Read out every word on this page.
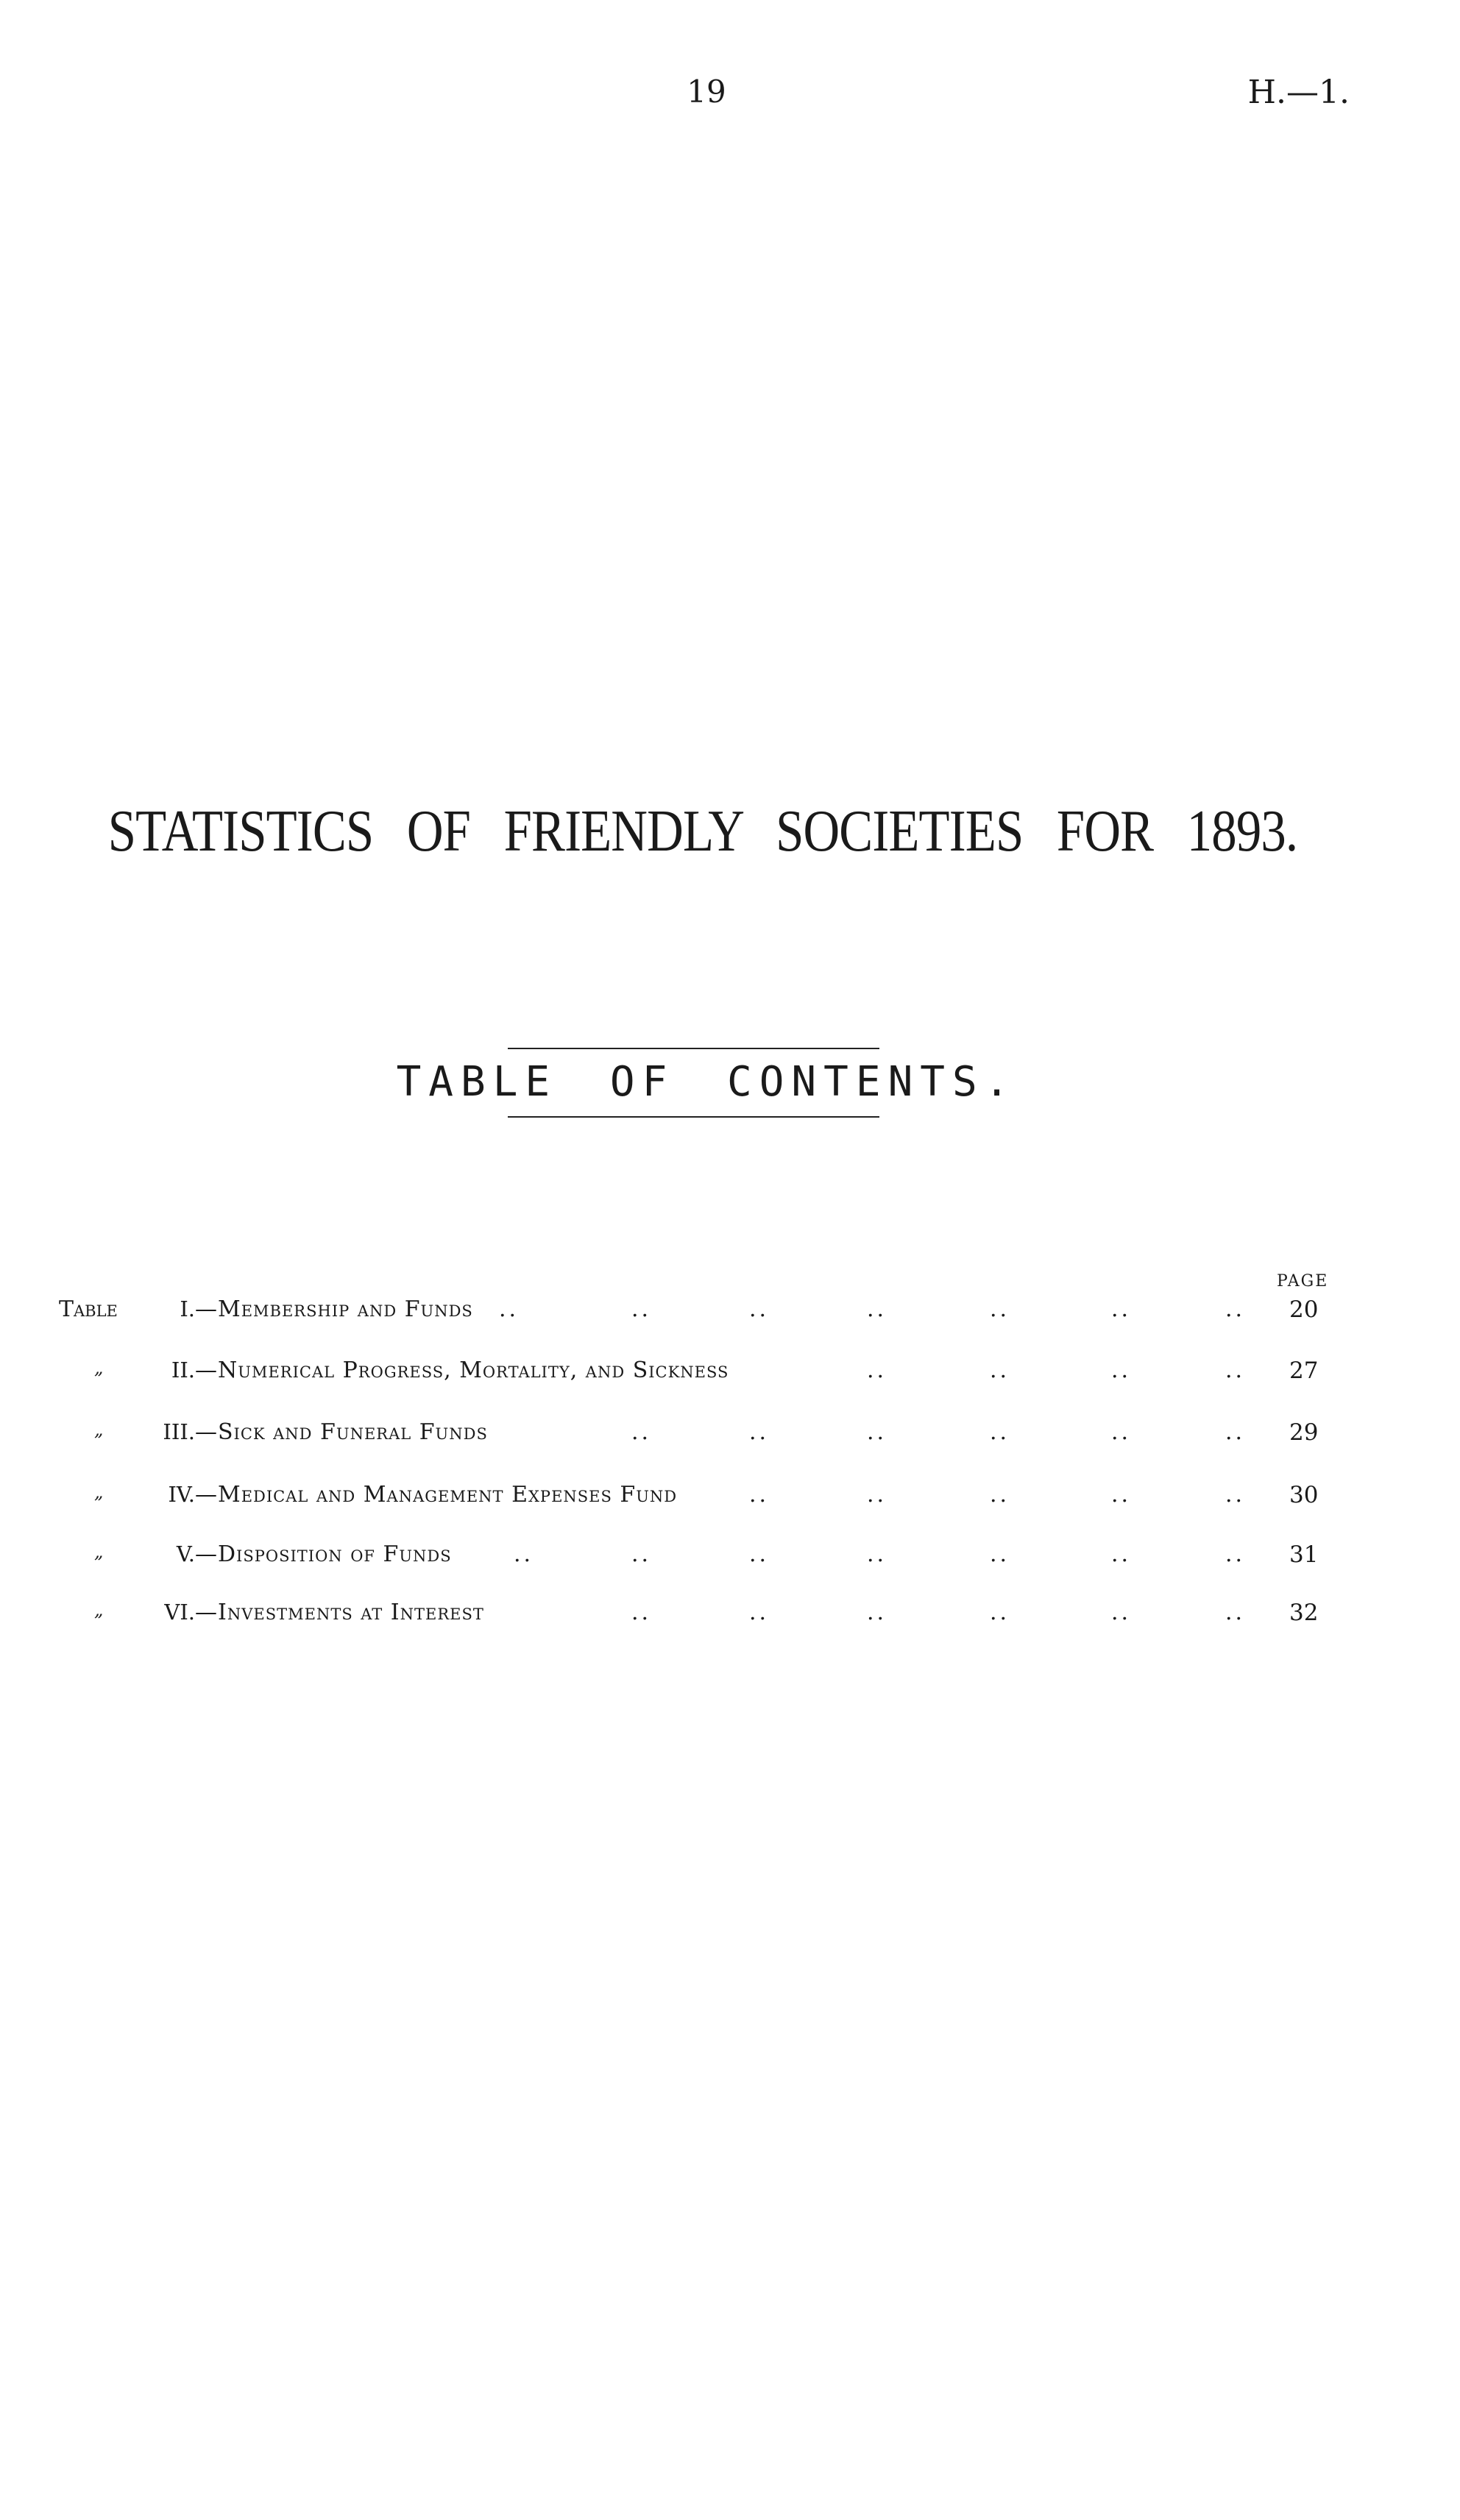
19	H.—1.
STATISTICS OF FRIENDLY SOCIETIES FOR 1893.
TABLE OF CONTENTS.
PAGE
Table	I. —Membership and Funds ..	..	..	..	..	..	.. 20
„	II. —Numerical Progress, Mortality, and Sickness	..	..	..	.. 27
„	III. —Sick and Funeral Funds	..	..	..	..	..	.. 29
„	IV. —Medical and Management Expenses Fund	..	..	..	..	.. 30
„	V. —Disposition of Funds	..	..	..	..	..	..	.. 31
„	VI. —Investments at Interest	..	..	..	..	..	.. 32
